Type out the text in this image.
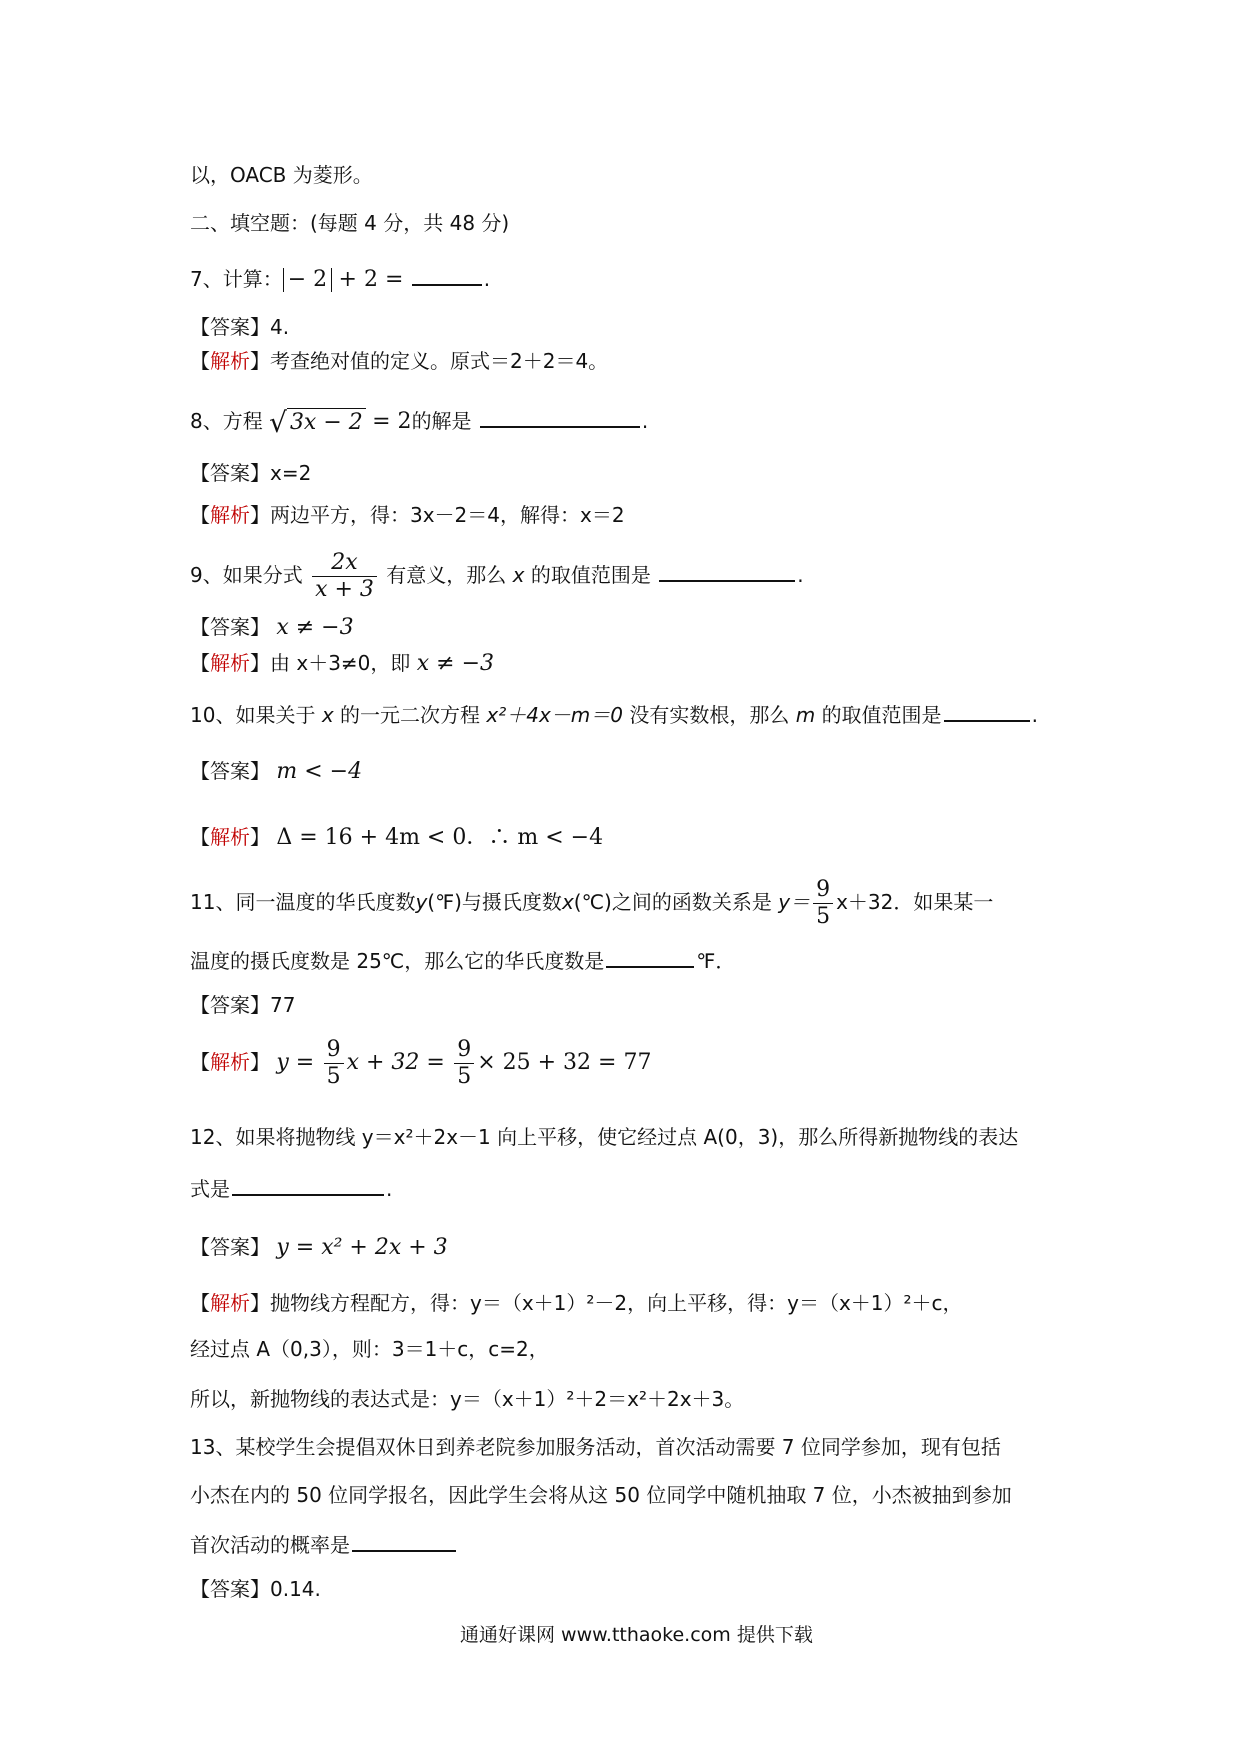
以，OACB 为菱形。
二、填空题：(每题 4 分，共 48 分)
7、计算： − 2 + 2 =	.
【答案】4.
【解析】考查绝对值的定义。原式＝2＋2＝4。
8、方程 √ 3x − 2 = 2的解是	.
【答案】x=2
【解析】两边平方，得：3x－2＝4，解得：x＝2
9、如果分式 $\frac{2x}{x + 3}$ 有意义，那么 x 的取值范围是	.
【答案】 x ≠ −3
【解析】由 x＋3≠0，即 x ≠ −3
10、如果关于 x 的一元二次方程 x²＋4x－m＝0 没有实数根，那么 m 的取值范围是	.
【答案】 m < −4
【解析】 Δ = 16 + 4m < 0．∴ m < −4
11、同一温度的华氏度数y(℉)与摄氏度数x(℃)之间的函数关系是 $y= \frac{9}{5} x+32$．如果某一
温度的摄氏度数是 25℃，那么它的华氏度数是	℉．
【答案】77
【解析】 $y = \frac{9}{5}$ $x + 32 = \frac{9}{5} \times 25 + 32 = 77$
12、如果将抛物线 y＝x²＋2x－1 向上平移，使它经过点 A(0，3)，那么所得新抛物线的表达
式是	.
【答案】 y = x² + 2x + 3
【解析】抛物线方程配方，得：y＝（x＋1）²－2，向上平移，得：y＝（x＋1）²＋c，
经过点 A（0,3），则：3＝1＋c，c=2，
所以，新抛物线的表达式是：y＝（x＋1）²＋2＝x²＋2x＋3。
13、某校学生会提倡双休日到养老院参加服务活动，首次活动需要 7 位同学参加，现有包括
小杰在内的 50 位同学报名，因此学生会将从这 50 位同学中随机抽取 7 位，小杰被抽到参加
首次活动的概率是
【答案】0.14.
通通好课网 www.tthaoke.com 提供下载
